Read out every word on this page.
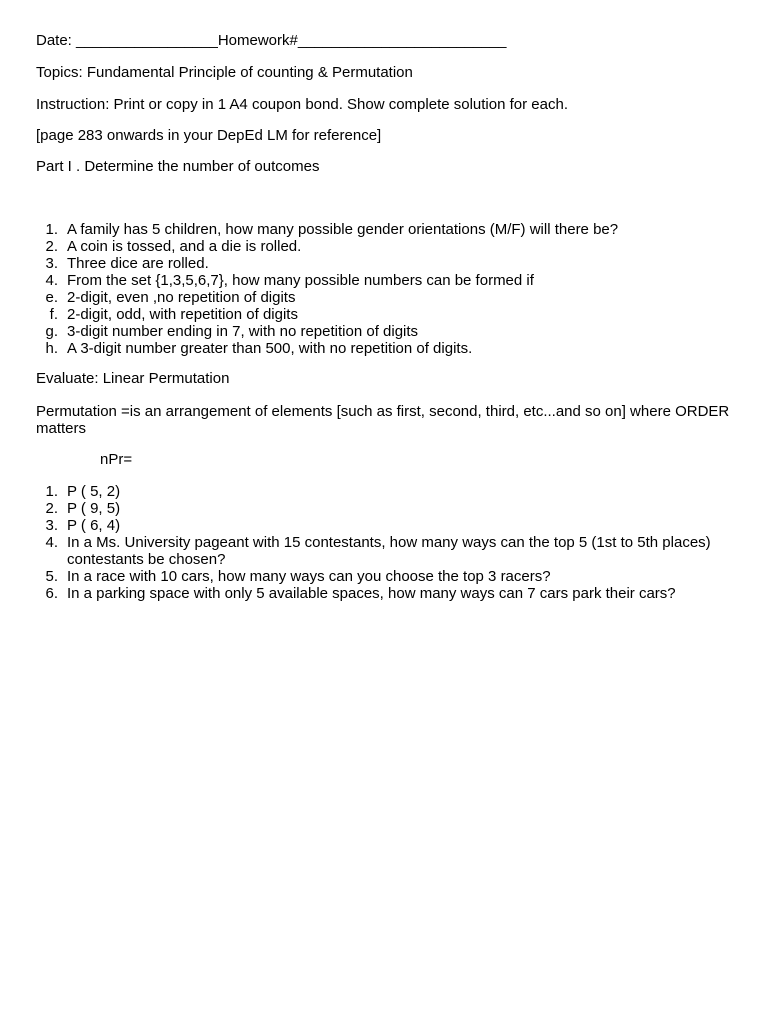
Date: _________________Homework#_________________________

Topics: Fundamental Principle of counting & Permutation

Instruction: Print or copy in 1 A4 coupon bond. Show complete solution for each.

[page 283 onwards in your DepEd LM for reference]

Part I . Determine the number of outcomes

1. A family has 5 children, how many possible gender orientations (M/F) will there be?
2. A coin is tossed, and a die is rolled.
3. Three dice are rolled.
4. From the set {1,3,5,6,7}, how many possible numbers can be formed if
e. 2-digit, even ,no repetition of digits
f. 2-digit, odd, with repetition of digits
g. 3-digit number ending in 7, with no repetition of digits
h. A 3-digit number greater than 500, with no repetition of digits.

Evaluate: Linear Permutation

Permutation =is an arrangement of elements [such as first, second, third, etc...and so on] where ORDER matters

nPr=

1. P ( 5, 2)
2. P ( 9, 5)
3. P ( 6, 4)
4. In a Ms. University pageant with 15 contestants, how many ways can the top 5 (1st to 5th places) contestants be chosen?
5. In a race with 10 cars, how many ways can you choose the top 3 racers?
6. In a parking space with only 5 available spaces, how many ways can 7 cars park their cars?
